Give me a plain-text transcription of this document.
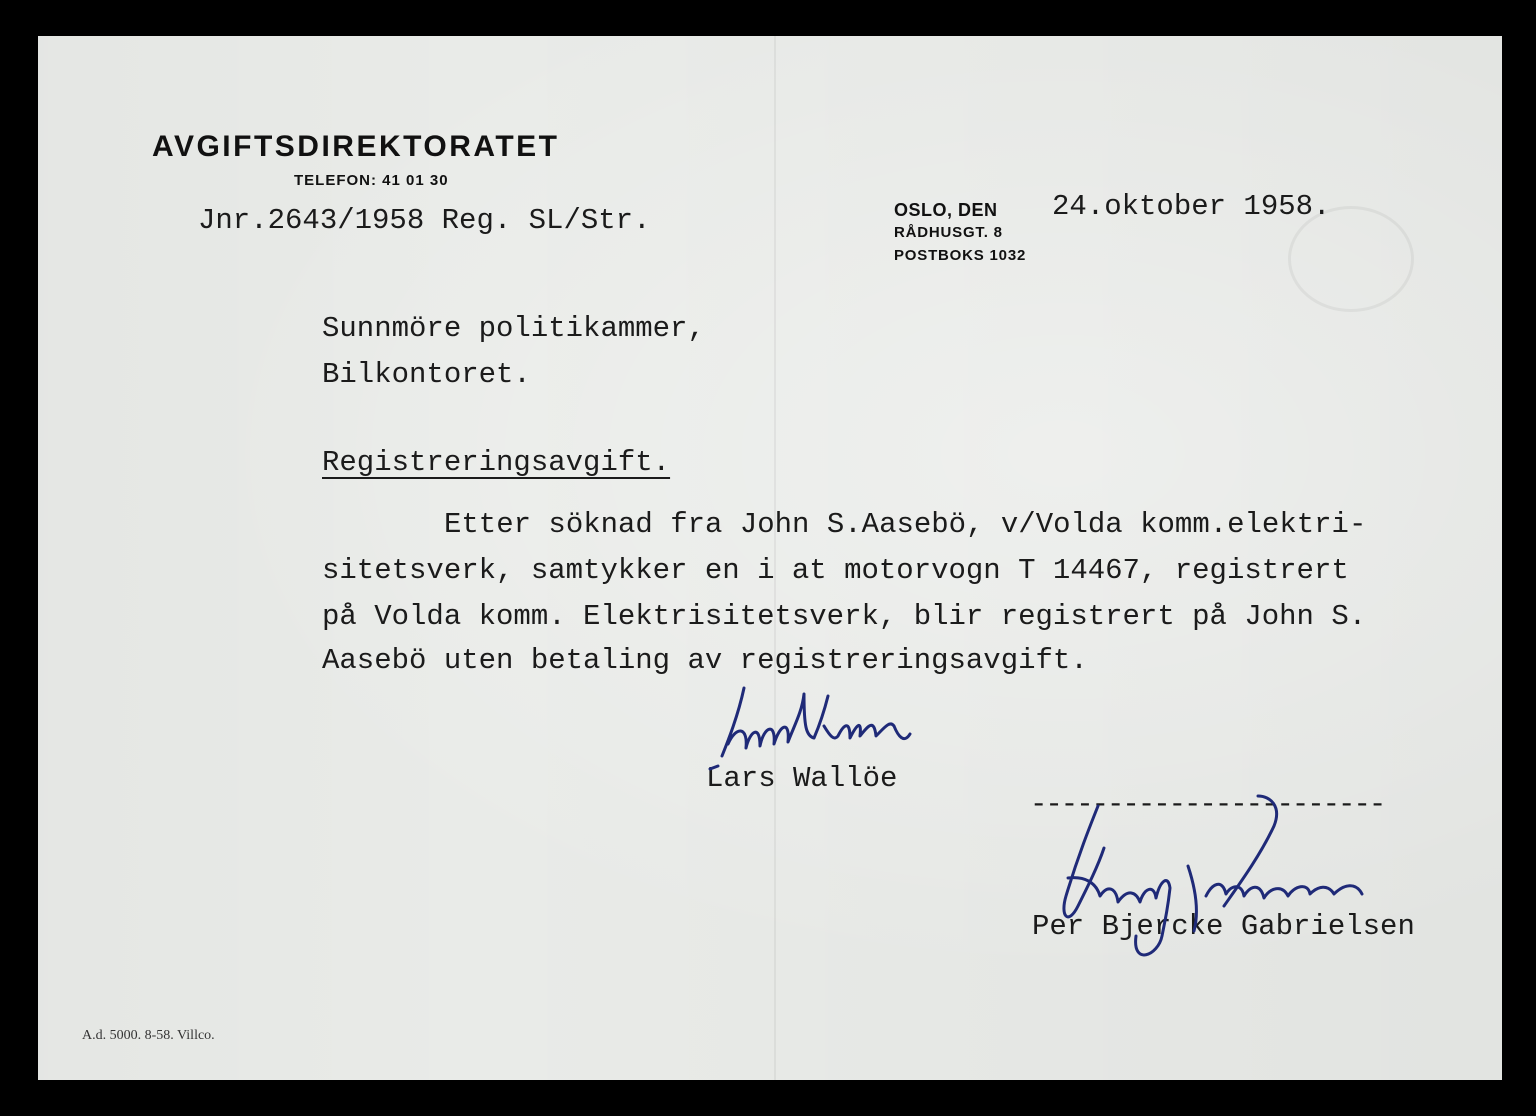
AVGIFTSDIREKTORATET
TELEFON: 41 01 30
Jnr.2643/1958 Reg. SL/Str.	OSLO, DEN 24.oktober 1958.
RÅDHUSGT. 8
POSTBOKS 1032
Sunnmöre politikammer,
Bilkontoret.
Registreringsavgift.
Etter söknad fra John S.Aasebö, v/Volda komm.elektri-
sitetsverk, samtykker en i at motorvogn T 14467, registrert
på Volda komm. Elektrisitetsverk, blir registrert på John S.
Aasebö uten betaling av registreringsavgift.
Lars Wallöe
-----------------------
Per Bjercke Gabrielsen
A.d. 5000. 8-58. Villco.
